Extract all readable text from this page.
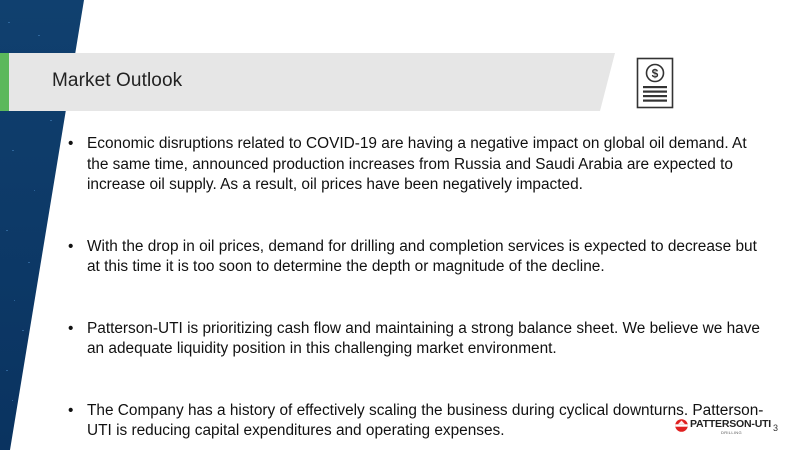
Market Outlook	$
• Economic disruptions related to COVID-19 are having a negative impact on global oil demand. At the same time, announced production increases from Russia and Saudi Arabia are expected to increase oil supply. As a result, oil prices have been negatively impacted.
• With the drop in oil prices, demand for drilling and completion services is expected to decrease but at this time it is too soon to determine the depth or magnitude of the decline.
• Patterson-UTI is prioritizing cash flow and maintaining a strong balance sheet. We believe we have an adequate liquidity position in this challenging market environment.
• The Company has a history of effectively scaling the business during cyclical downturns. Patterson-UTI is reducing capital expenditures and operating expenses.	PATTERSON-UTI
DRILLING	3
